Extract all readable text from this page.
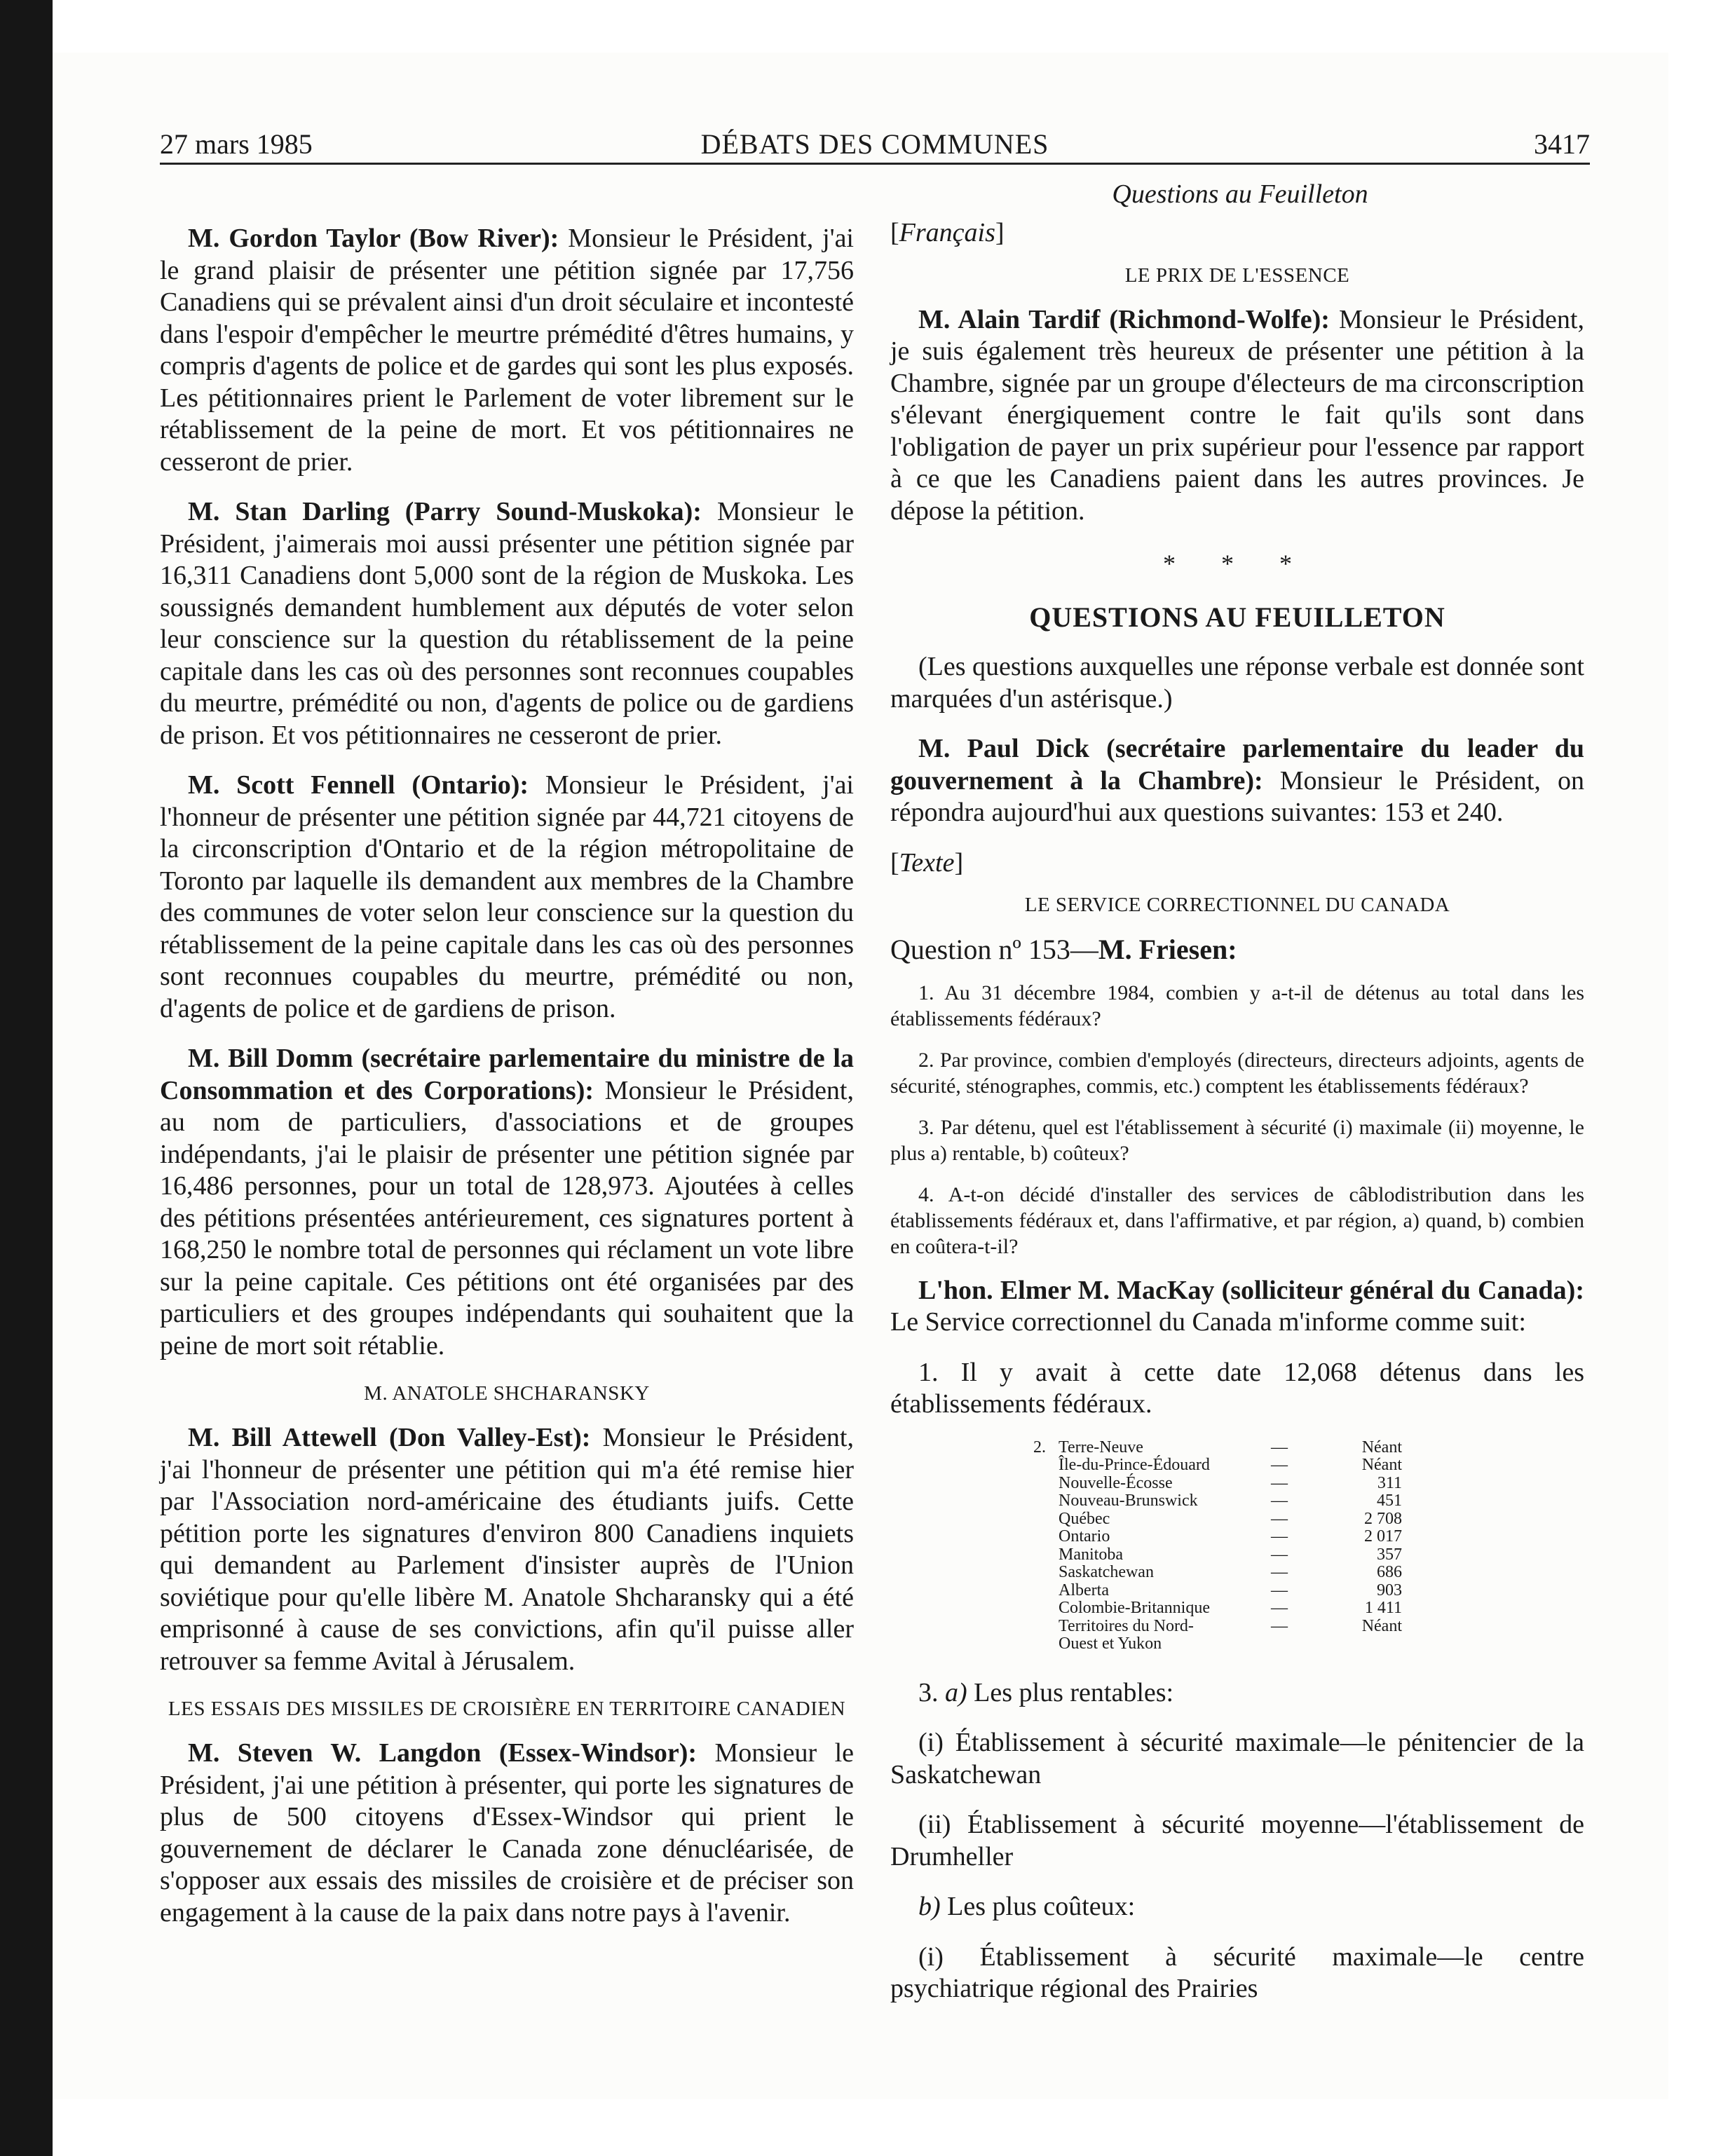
27 mars 1985	DÉBATS DES COMMUNES	3417
Questions au Feuilleton

M. Gordon Taylor (Bow River): Monsieur le Président, j'ai le grand plaisir de présenter une pétition signée par 17,756 Canadiens qui se prévalent ainsi d'un droit séculaire et incontesté dans l'espoir d'empêcher le meurtre prémédité d'êtres humains, y compris d'agents de police et de gardes qui sont les plus exposés. Les pétitionnaires prient le Parlement de voter librement sur le rétablissement de la peine de mort. Et vos pétitionnaires ne cesseront de prier.

M. Stan Darling (Parry Sound-Muskoka): Monsieur le Président, j'aimerais moi aussi présenter une pétition signée par 16,311 Canadiens dont 5,000 sont de la région de Muskoka. Les soussignés demandent humblement aux députés de voter selon leur conscience sur la question du rétablissement de la peine capitale dans les cas où des personnes sont reconnues coupables du meurtre, prémédité ou non, d'agents de police ou de gardiens de prison. Et vos pétitionnaires ne cesseront de prier.

M. Scott Fennell (Ontario): Monsieur le Président, j'ai l'honneur de présenter une pétition signée par 44,721 citoyens de la circonscription d'Ontario et de la région métropolitaine de Toronto par laquelle ils demandent aux membres de la Chambre des communes de voter selon leur conscience sur la question du rétablissement de la peine capitale dans les cas où des personnes sont reconnues coupables du meurtre, prémédité ou non, d'agents de police et de gardiens de prison.

M. Bill Domm (secrétaire parlementaire du ministre de la Consommation et des Corporations): Monsieur le Président, au nom de particuliers, d'associations et de groupes indépendants, j'ai le plaisir de présenter une pétition signée par 16,486 personnes, pour un total de 128,973. Ajoutées à celles des pétitions présentées antérieurement, ces signatures portent à 168,250 le nombre total de personnes qui réclament un vote libre sur la peine capitale. Ces pétitions ont été organisées par des particuliers et des groupes indépendants qui souhaitent que la peine de mort soit rétablie.

M. ANATOLE SHCHARANSKY

M. Bill Attewell (Don Valley-Est): Monsieur le Président, j'ai l'honneur de présenter une pétition qui m'a été remise hier par l'Association nord-américaine des étudiants juifs. Cette pétition porte les signatures d'environ 800 Canadiens inquiets qui demandent au Parlement d'insister auprès de l'Union soviétique pour qu'elle libère M. Anatole Shcharansky qui a été emprisonné à cause de ses convictions, afin qu'il puisse aller retrouver sa femme Avital à Jérusalem.

LES ESSAIS DES MISSILES DE CROISIÈRE EN TERRITOIRE CANADIEN

M. Steven W. Langdon (Essex-Windsor): Monsieur le Président, j'ai une pétition à présenter, qui porte les signatures de plus de 500 citoyens d'Essex-Windsor qui prient le gouvernement de déclarer le Canada zone dénucléarisée, de s'opposer aux essais des missiles de croisière et de préciser son engagement à la cause de la paix dans notre pays à l'avenir.

[Français]
LE PRIX DE L'ESSENCE

M. Alain Tardif (Richmond-Wolfe): Monsieur le Président, je suis également très heureux de présenter une pétition à la Chambre, signée par un groupe d'électeurs de ma circonscription s'élevant énergiquement contre le fait qu'ils sont dans l'obligation de payer un prix supérieur pour l'essence par rapport à ce que les Canadiens paient dans les autres provinces. Je dépose la pétition.

* * *
QUESTIONS AU FEUILLETON

(Les questions auxquelles une réponse verbale est donnée sont marquées d'un astérisque.)

M. Paul Dick (secrétaire parlementaire du leader du gouvernement à la Chambre): Monsieur le Président, on répondra aujourd'hui aux questions suivantes: 153 et 240.

[Texte]
LE SERVICE CORRECTIONNEL DU CANADA
Question nº 153—M. Friesen:
1. Au 31 décembre 1984, combien y a-t-il de détenus au total dans les établissements fédéraux?
2. Par province, combien d'employés (directeurs, directeurs adjoints, agents de sécurité, sténographes, commis, etc.) comptent les établissements fédéraux?
3. Par détenu, quel est l'établissement à sécurité (i) maximale (ii) moyenne, le plus a) rentable, b) coûteux?
4. A-t-on décidé d'installer des services de câblodistribution dans les établissements fédéraux et, dans l'affirmative, et par région, a) quand, b) combien en coûtera-t-il?

L'hon. Elmer M. MacKay (solliciteur général du Canada): Le Service correctionnel du Canada m'informe comme suit:

1. Il y avait à cette date 12,068 détenus dans les établissements fédéraux.

2. Terre-Neuve	—	Néant
Île-du-Prince-Édouard	—	Néant
Nouvelle-Écosse	—	311
Nouveau-Brunswick	—	451
Québec	—	2 708
Ontario	—	2 017
Manitoba	—	357
Saskatchewan	—	686
Alberta	—	903
Colombie-Britannique	—	1 411
Territoires du Nord-	—	Néant
Ouest et Yukon

3. a) Les plus rentables:

(i) Établissement à sécurité maximale—le pénitencier de la Saskatchewan

(ii) Établissement à sécurité moyenne—l'établissement de Drumheller

b) Les plus coûteux:

(i) Établissement à sécurité maximale—le centre psychiatrique régional des Prairies
